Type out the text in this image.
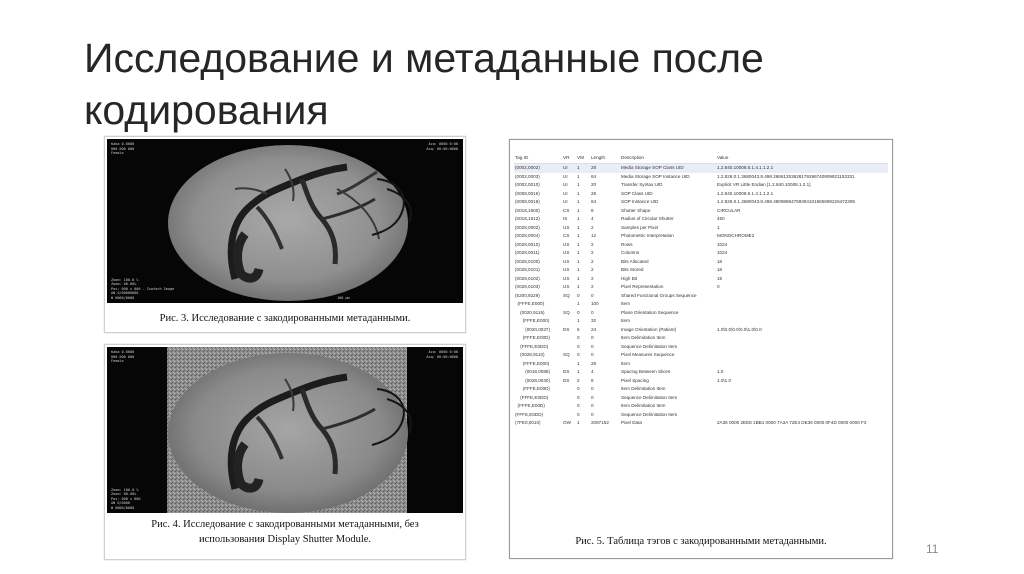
Исследование и метаданные после
кодирования
Kaba 0-0000
000 000 000
Female
Acq: 0000 0:00
Acq: 00:00:0000
Zoom: 100.0 %
Zoom: 00.00%
Pos: 000 x 000 - Isotech Image
AN 0/00000000
W 0000/0000	100 µm
Рис. 3. Исследование с закодированными метаданными.
Kaba 0-0000
000 000 000
Female
Acq: 0000 0:00
Acq: 00:00:0000
Zoom: 100.0 %
Zoom: 00.00%
Pos: 000 x 000
AN 0/0000
W 0000/0000
Рис. 4. Исследование с закодированными метаданными, без
использования Display Shutter Module.
Tag ID	VR	VM	Length	Description	Value
(0002,0002)	UI	1	28	Media Storage SOP Class UID	1.2.840.10008.5.1.4.1.1.2.1
(0002,0003)	UI	1	64	Media Storage SOP Instance UID	1.2.826.0.1.3680043.8.498.26661253828179296740909821153331
(0002,0010)	UI	1	20	Transfer Syntax UID	Explicit VR Little Endian [1.2.840.10008.1.2.1]
(0008,0016)	UI	1	28	SOP Class UID	1.2.840.10008.5.1.4.1.1.2.1
(0008,0018)	UI	1	64	SOP Instance UID	1.2.826.0.1.3680043.8.498.48098894759394101665899226472399
(0018,1600)	CS	1	8	Shutter Shape	CIRCULAR
(0018,1612)	IS	1	4	Radius of Circular Shutter	450
(0028,0002)	US	1	2	Samples per Pixel	1
(0028,0004)	CS	1	12	Photometric Interpretation	MONOCHROME2
(0028,0010)	US	1	2	Rows	1024
(0028,0011)	US	1	2	Columns	1024
(0028,0100)	US	1	2	Bits Allocated	16
(0028,0101)	US	1	2	Bits Stored	16
(0028,0102)	US	1	2	High Bit	15
(0028,0103)	US	1	2	Pixel Representation	0
(5200,9229)	SQ	0	0	Shared Functional Groups Sequence	
(FFFE,E000)		1	100	Item	
(0020,9116)	SQ	0	0	Plane Orientation Sequence	
(FFFE,E000)		1	32	Item	
(0020,0037)	DS	6	24	Image Orientation (Patient)	1.0\0.0\0.0\0.0\1.0\0.0
(FFFE,E00D)		0	0	Item Delimitation Item	
(FFFE,E0DD)		0	0	Sequence Delimitation Item	
(0028,9110)	SQ	0	0	Pixel Measures Sequence	
(FFFE,E000)		1	28	Item	
(0018,0088)	DS	1	4	Spacing Between Slices	1.0
(0028,0030)	DS	2	8	Pixel Spacing	1.0\1.0
(FFFE,E00D)		0	0	Item Delimitation Item	
(FFFE,E0DD)		0	0	Sequence Delimitation Item	
(FFFE,E00D)		0	0	Item Delimitation Item	
(FFFE,E0DD)		0	0	Sequence Delimitation Item	
(7FE0,0010)	OW	1	2097152	Pixel Data	2A36 0000 2EE8 1BB1 0000 7A3A 72E4 DE36 0000 0F4D 0000 0000 F3
Рис. 5. Таблица тэгов с закодированными метаданными.
11
